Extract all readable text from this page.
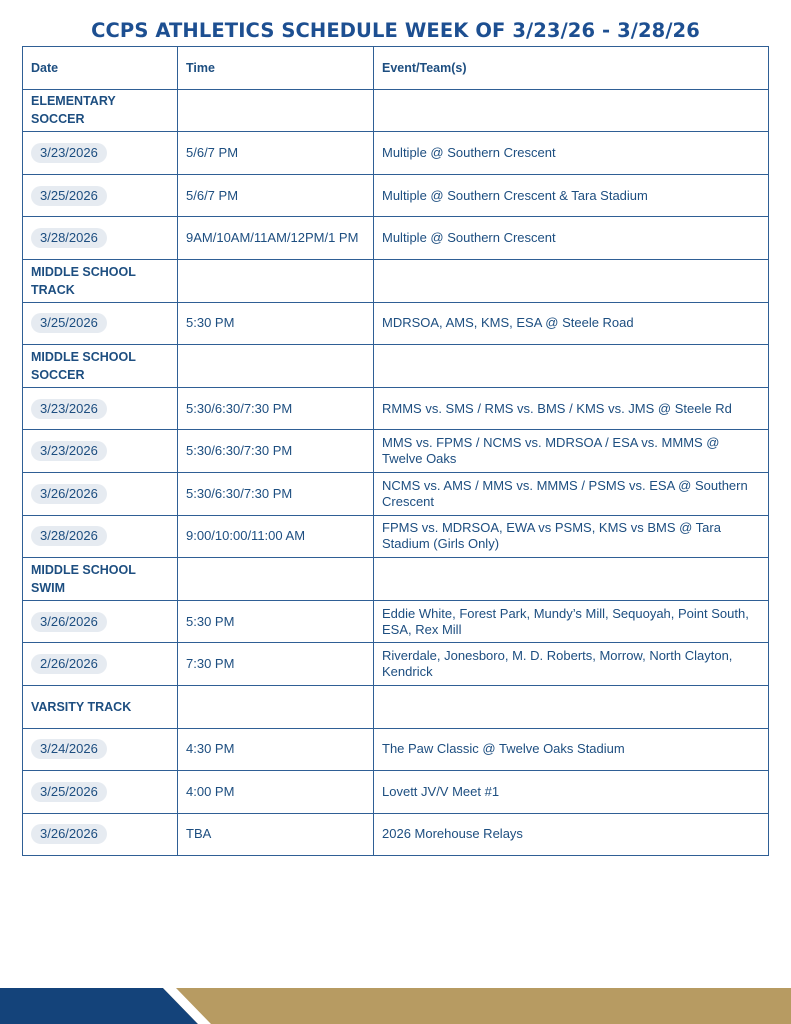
CCPS ATHLETICS SCHEDULE WEEK OF 3/23/26 - 3/28/26
Date	Time	Event/Team(s)

ELEMENTARY SOCCER		

3/23/2026	5/6/7 PM	Multiple @ Southern Crescent
3/25/2026	5/6/7 PM	Multiple @ Southern Crescent & Tara Stadium
3/28/2026	9AM/10AM/11AM/12PM/1 PM	Multiple @ Southern Crescent

MIDDLE SCHOOL TRACK		

3/25/2026	5:30 PM	MDRSOA, AMS, KMS, ESA @ Steele Road

MIDDLE SCHOOL SOCCER		

3/23/2026	5:30/6:30/7:30 PM	RMMS vs. SMS / RMS vs. BMS / KMS vs. JMS @ Steele Rd
3/23/2026	5:30/6:30/7:30 PM	MMS vs. FPMS / NCMS vs. MDRSOA / ESA vs. MMMS @ Twelve Oaks
3/26/2026	5:30/6:30/7:30 PM	NCMS vs. AMS / MMS vs. MMMS / PSMS vs. ESA @ Southern Crescent
3/28/2026	9:00/10:00/11:00 AM	FPMS vs. MDRSOA, EWA vs PSMS, KMS vs BMS @ Tara Stadium (Girls Only)

MIDDLE SCHOOL SWIM		

3/26/2026	5:30 PM	Eddie White, Forest Park, Mundy’s Mill, Sequoyah, Point South, ESA, Rex Mill
2/26/2026	7:30 PM	Riverdale, Jonesboro, M. D. Roberts, Morrow, North Clayton, Kendrick

VARSITY TRACK		

3/24/2026	4:30 PM	The Paw Classic @ Twelve Oaks Stadium
3/25/2026	4:00 PM	Lovett JV/V Meet #1
3/26/2026	TBA	2026 Morehouse Relays
